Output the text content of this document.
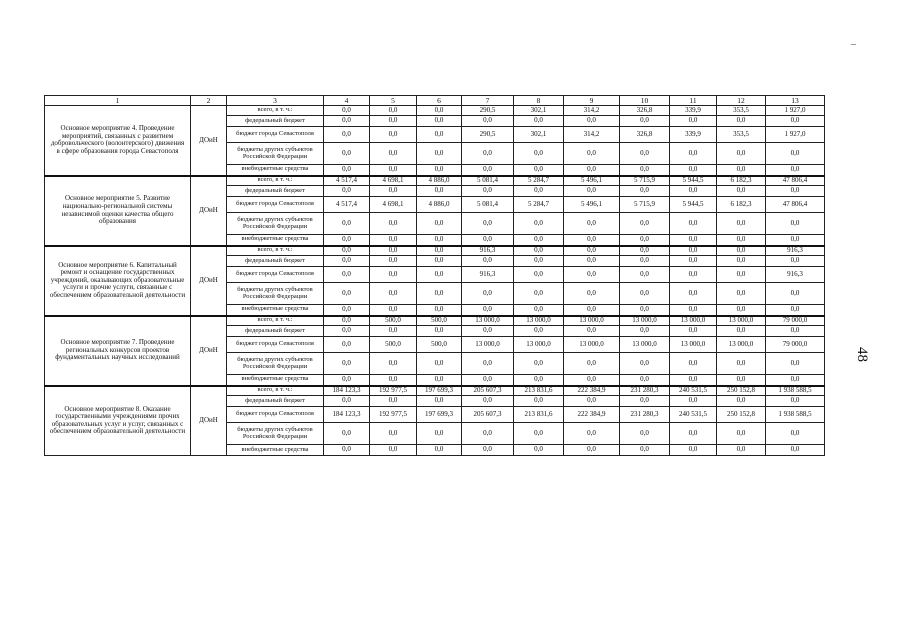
1	2	3	4	5	6	7	8	9	10	11	12	13
Основное мероприятие 4. Проведение мероприятий, связанных с развитием добровольческого (волонтерского) движения в сфере образования города Севастополя	ДОиН	всего, в т. ч.:	0,0	0,0	0,0	290,5	302,1	314,2	326,8	339,9	353,5	1 927,0
		федеральный бюджет	0,0	0,0	0,0	0,0	0,0	0,0	0,0	0,0	0,0	0,0
		бюджет города Севастополя	0,0	0,0	0,0	290,5	302,1	314,2	326,8	339,9	353,5	1 927,0
		бюджеты других субъектов Российской Федерации	0,0	0,0	0,0	0,0	0,0	0,0	0,0	0,0	0,0	0,0
		внебюджетные средства	0,0	0,0	0,0	0,0	0,0	0,0	0,0	0,0	0,0	0,0
Основное мероприятие 5. Развитие национально-региональной системы независимой оценки качества общего образования	ДОиН	всего, в т. ч.:	4 517,4	4 698,1	4 886,0	5 081,4	5 284,7	5 496,1	5 715,9	5 944,5	6 182,3	47 806,4
		федеральный бюджет	0,0	0,0	0,0	0,0	0,0	0,0	0,0	0,0	0,0	0,0
		бюджет города Севастополя	4 517,4	4 698,1	4 886,0	5 081,4	5 284,7	5 496,1	5 715,9	5 944,5	6 182,3	47 806,4
		бюджеты других субъектов Российской Федерации	0,0	0,0	0,0	0,0	0,0	0,0	0,0	0,0	0,0	0,0
		внебюджетные средства	0,0	0,0	0,0	0,0	0,0	0,0	0,0	0,0	0,0	0,0
Основное мероприятие 6. Капитальный ремонт и оснащение государственных учреждений, оказывающих образовательные услуги и прочие услуги, связанные с обеспечением образовательной деятельности	ДОиН	всего, в т. ч.:	0,0	0,0	0,0	916,3	0,0	0,0	0,0	0,0	0,0	916,3
		федеральный бюджет	0,0	0,0	0,0	0,0	0,0	0,0	0,0	0,0	0,0	0,0
		бюджет города Севастополя	0,0	0,0	0,0	916,3	0,0	0,0	0,0	0,0	0,0	916,3
		бюджеты других субъектов Российской Федерации	0,0	0,0	0,0	0,0	0,0	0,0	0,0	0,0	0,0	0,0
		внебюджетные средства	0,0	0,0	0,0	0,0	0,0	0,0	0,0	0,0	0,0	0,0
Основное мероприятие 7. Проведение региональных конкурсов проектов фундаментальных научных исследований	ДОиН	всего, в т. ч.:	0,0	500,0	500,0	13 000,0	13 000,0	13 000,0	13 000,0	13 000,0	13 000,0	79 000,0
		федеральный бюджет	0,0	0,0	0,0	0,0	0,0	0,0	0,0	0,0	0,0	0,0
		бюджет города Севастополя	0,0	500,0	500,0	13 000,0	13 000,0	13 000,0	13 000,0	13 000,0	13 000,0	79 000,0
		бюджеты других субъектов Российской Федерации	0,0	0,0	0,0	0,0	0,0	0,0	0,0	0,0	0,0	0,0
		внебюджетные средства	0,0	0,0	0,0	0,0	0,0	0,0	0,0	0,0	0,0	0,0
Основное мероприятие 8. Оказание государственными учреждениями прочих образовательных услуг и услуг, связанных с обеспечением образовательной деятельности	ДОиН	всего, в т. ч.:	184 123,3	192 977,5	197 699,3	205 607,3	213 831,6	222 384,9	231 280,3	240 531,5	250 152,8	1 938 588,5
		федеральный бюджет	0,0	0,0	0,0	0,0	0,0	0,0	0,0	0,0	0,0	0,0
		бюджет города Севастополя	184 123,3	192 977,5	197 699,3	205 607,3	213 831,6	222 384,9	231 280,3	240 531,5	250 152,8	1 938 588,5
		бюджеты других субъектов Российской Федерации	0,0	0,0	0,0	0,0	0,0	0,0	0,0	0,0	0,0	0,0
		внебюджетные средства	0,0	0,0	0,0	0,0	0,0	0,0	0,0	0,0	0,0	0,0
48
